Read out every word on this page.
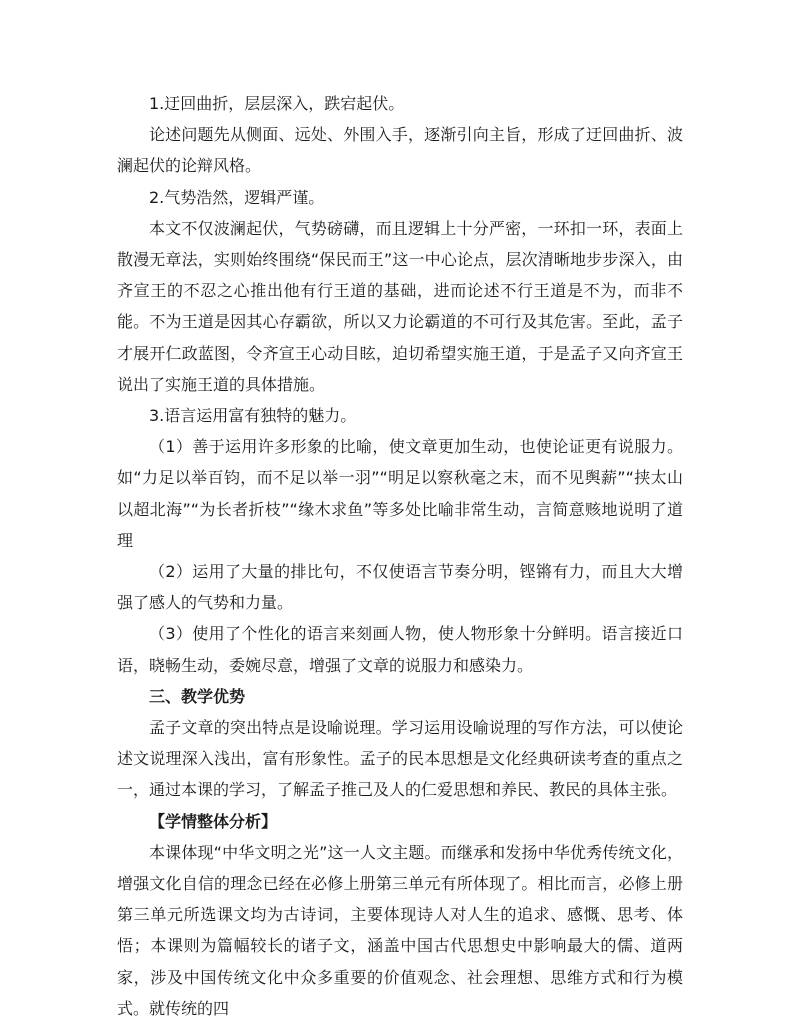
1.迂回曲折，层层深入，跌宕起伏。

论述问题先从侧面、远处、外围入手，逐渐引向主旨，形成了迂回曲折、波澜起伏的论辩风格。

2.气势浩然，逻辑严谨。

本文不仅波澜起伏，气势磅礴，而且逻辑上十分严密，一环扣一环，表面上散漫无章法，实则始终围绕“保民而王”这一中心论点，层次清晰地步步深入，由齐宣王的不忍之心推出他有行王道的基础，进而论述不行王道是不为，而非不能。不为王道是因其心存霸欲，所以又力论霸道的不可行及其危害。至此，孟子才展开仁政蓝图，令齐宣王心动目眩，迫切希望实施王道，于是孟子又向齐宣王说出了实施王道的具体措施。

3.语言运用富有独特的魅力。

（1）善于运用许多形象的比喻，使文章更加生动，也使论证更有说服力。如“力足以举百钧，而不足以举一羽”“明足以察秋毫之末，而不见舆薪”“挟太山以超北海”“为长者折枝”“缘木求鱼”等多处比喻非常生动，言简意赅地说明了道理

（2）运用了大量的排比句，不仅使语言节奏分明，铿锵有力，而且大大增强了感人的气势和力量。

（3）使用了个性化的语言来刻画人物，使人物形象十分鲜明。语言接近口语，晓畅生动，委婉尽意，增强了文章的说服力和感染力。

三、教学优势

孟子文章的突出特点是设喻说理。学习运用设喻说理的写作方法，可以使论述文说理深入浅出，富有形象性。孟子的民本思想是文化经典研读考查的重点之一，通过本课的学习，了解孟子推己及人的仁爱思想和养民、教民的具体主张。

【学情整体分析】

本课体现“中华文明之光”这一人文主题。而继承和发扬中华优秀传统文化，增强文化自信的理念已经在必修上册第三单元有所体现了。相比而言，必修上册第三单元所选课文均为古诗词，主要体现诗人对人生的追求、感慨、思考、体悟；本课则为篇幅较长的诸子文，涵盖中国古代思想史中影响最大的儒、道两家，涉及中国传统文化中众多重要的价值观念、社会理想、思维方式和行为模式。就传统的四
